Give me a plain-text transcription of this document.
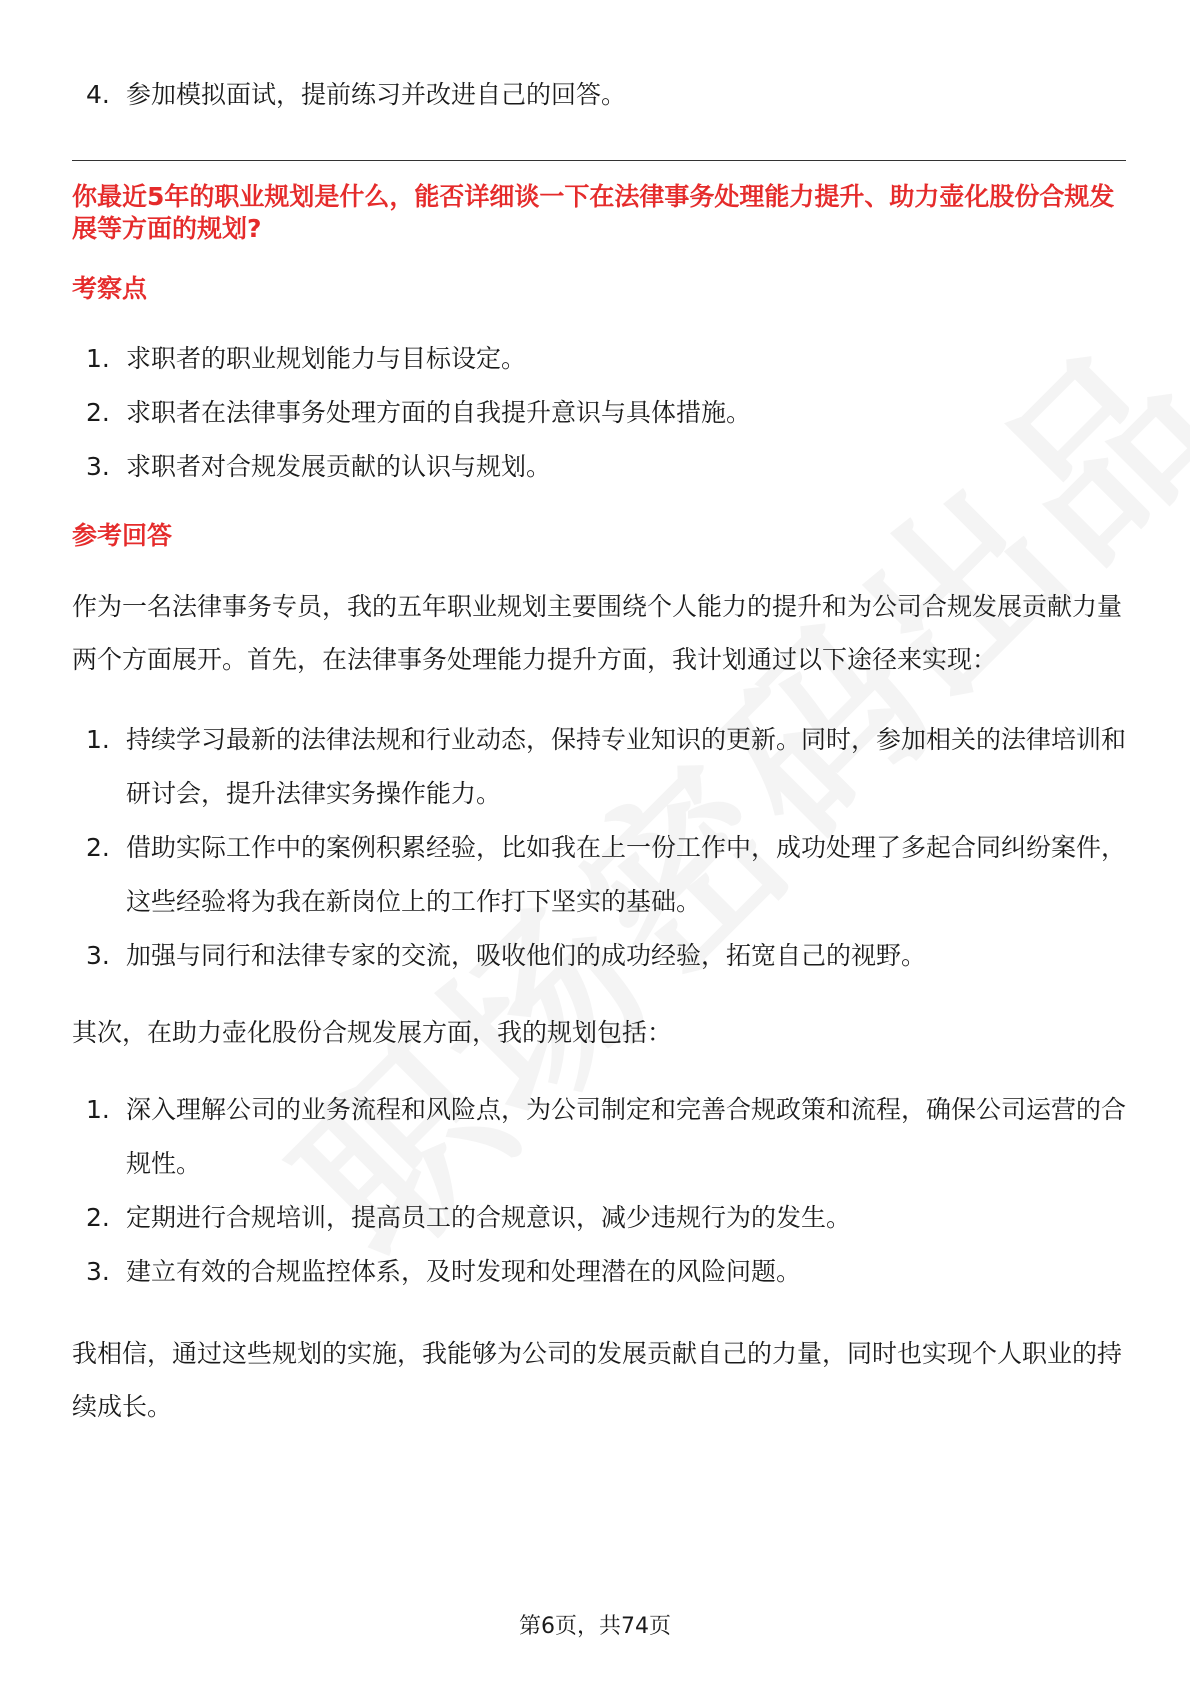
4. 参加模拟面试，提前练习并改进自己的回答。
你最近5年的职业规划是什么，能否详细谈一下在法律事务处理能力提升、助力壶化股份合规发展等方面的规划?
考察点
1. 求职者的职业规划能力与目标设定。
2. 求职者在法律事务处理方面的自我提升意识与具体措施。
3. 求职者对合规发展贡献的认识与规划。
参考回答

作为一名法律事务专员，我的五年职业规划主要围绕个人能力的提升和为公司合规发展贡献力量两个方面展开。首先，在法律事务处理能力提升方面，我计划通过以下途径来实现：

1. 持续学习最新的法律法规和行业动态，保持专业知识的更新。同时，参加相关的法律培训和研讨会，提升法律实务操作能力。
2. 借助实际工作中的案例积累经验，比如我在上一份工作中，成功处理了多起合同纠纷案件，这些经验将为我在新岗位上的工作打下坚实的基础。
3. 加强与同行和法律专家的交流，吸收他们的成功经验，拓宽自己的视野。

其次，在助力壶化股份合规发展方面，我的规划包括：

1. 深入理解公司的业务流程和风险点，为公司制定和完善合规政策和流程，确保公司运营的合规性。
2. 定期进行合规培训，提高员工的合规意识，减少违规行为的发生。
3. 建立有效的合规监控体系，及时发现和处理潜在的风险问题。

我相信，通过这些规划的实施，我能够为公司的发展贡献自己的力量，同时也实现个人职业的持续成长。

第6页，共74页
